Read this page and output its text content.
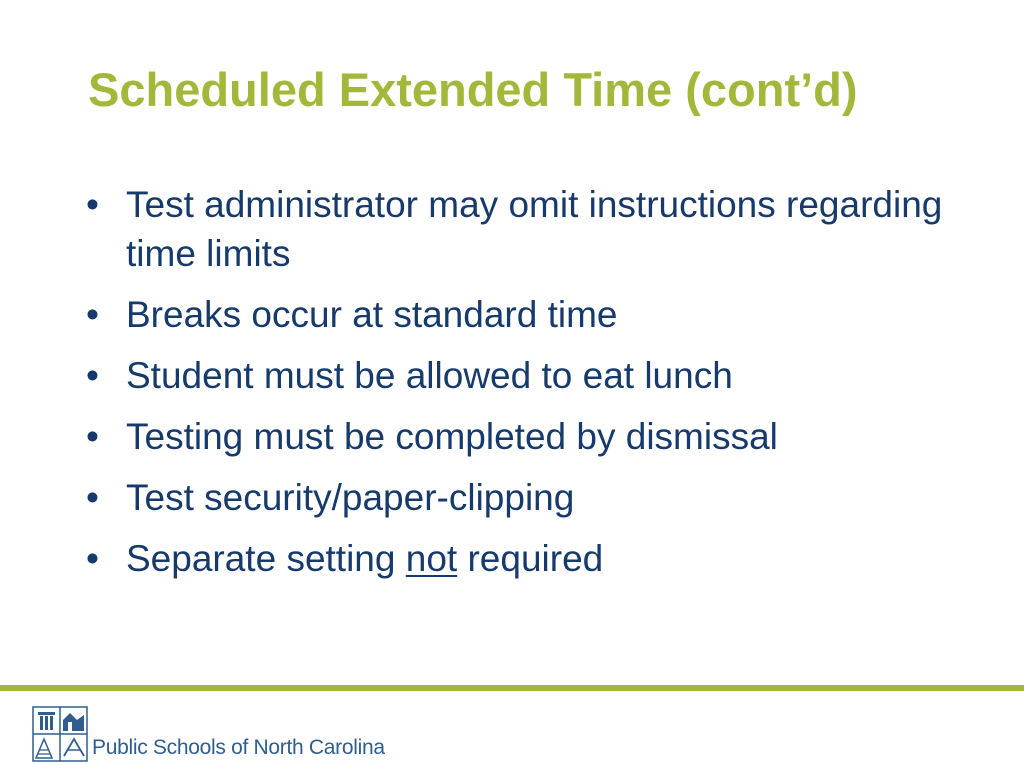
Scheduled Extended Time (cont’d)
• Test administrator may omit instructions regarding time limits
• Breaks occur at standard time
• Student must be allowed to eat lunch
• Testing must be completed by dismissal
• Test security/paper-clipping
• Separate setting not required
Public Schools of North Carolina
